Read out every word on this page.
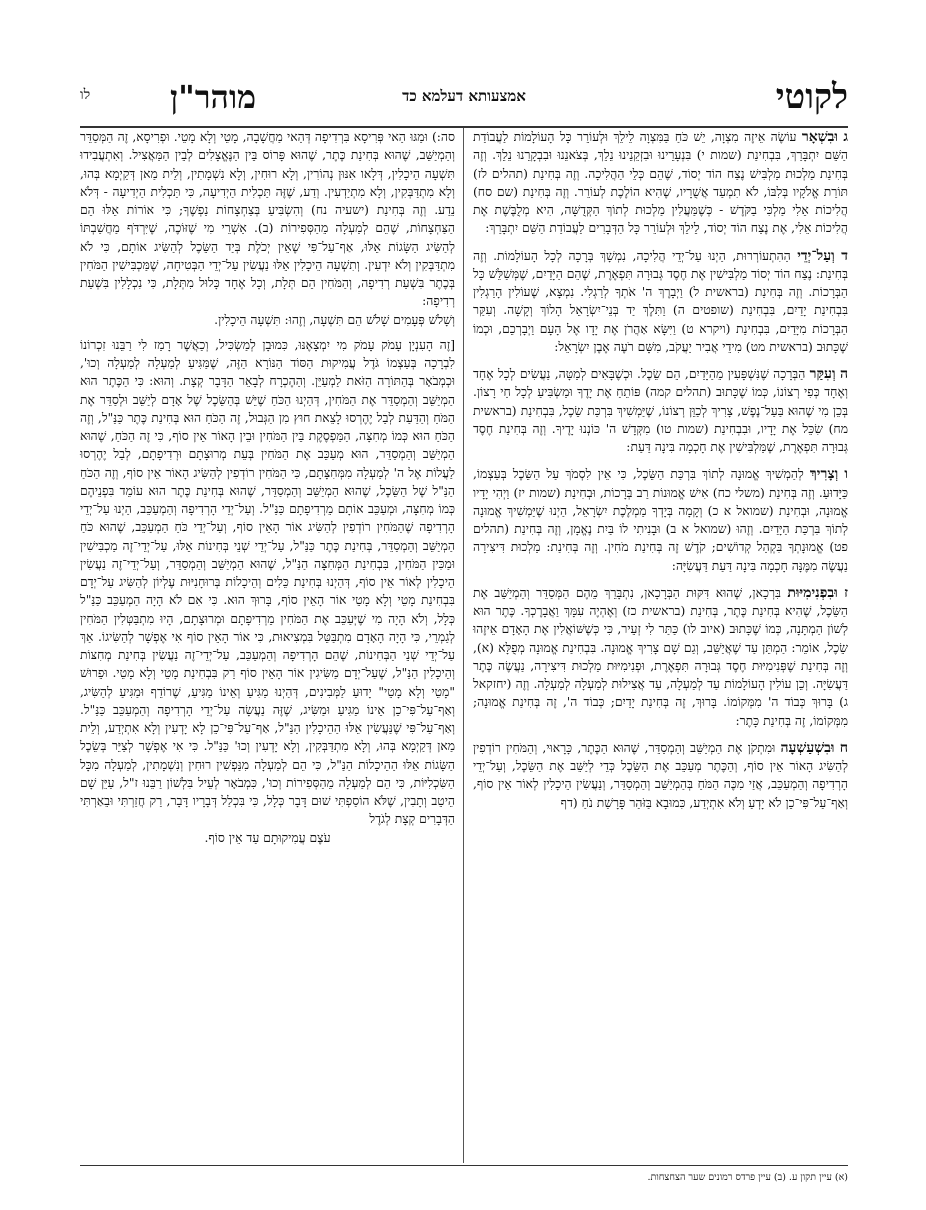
לקוטי
אמצעותא דעלמא כד
מוהר"ן
לו

ג וּבִשְׁאָר עוֹשֶׂה אֵיזֶה מִצְוָה, יֵשׁ כֹּחַ בַּמִּצְוָה לֵילֵךְ וּלְעוֹרֵר כָּל הָעוֹלָמוֹת לַעֲבוֹדַת הַשֵּׁם יִתְבָּרַךְ, בִּבְחִינַת (שמות י) בִּנְעָרֵינוּ וּבִזְקֵנֵינוּ נֵלֵךְ, בְּצֹאנֵנוּ וּבִבְקָרֵנוּ נֵלֵךְ. וְזֶה בְּחִינַת מַלְכוּת מַלְבִּישׁ נֶצַח הוֹד יְסוֹד, שֶׁהֵם כְּלֵי הַהֲלִיכָה. וְזֶה בְּחִינַת (תהלים לז) תּוֹרַת אֱלֹקָיו בְּלִבּוֹ, לֹא תִמְעַד אֲשֻׁרָיו, שֶׁהִיא הוֹלֶכֶת לְעוֹרֵר. וְזֶה בְּחִינַת (שם סח) הֲלִיכוֹת אֵלִי מַלְכִּי בַקֹּדֶשׁ - כְּשֶׁמַּעֲלִין מַלְכוּת לְתוֹךְ הַקְּדֻשָּׁה, הִיא מְלֻבֶּשֶׁת אֶת הֲלִיכוֹת אֵלִי, אֶת נֶצַח הוֹד יְסוֹד, לֵילֵךְ וּלְעוֹרֵר כָּל הַדְּבָרִים לַעֲבוֹדַת הַשֵּׁם יִתְבָּרַךְ:

ד וְעַל־יְדֵי הַהִתְעוֹרְרוּת, הַיְנוּ עַל־יְדֵי הֲלִיכָה, נִמְשָׁךְ בְּרָכָה לְכָל הָעוֹלָמוֹת. וְזֶה בְּחִינַת: נֶצַח הוֹד יְסוֹד מַלְבִּישִׁין אֶת חֶסֶד גְּבוּרָה תִּפְאֶרֶת, שֶׁהֵם הַיָּדַיִם, שֶׁמְּשַׁלֵּשׁ כָּל הַבְּרָכוֹת. וְזֶה בְּחִינַת (בראשית ל) וַיְבָרֶךְ ה' אֹתְךָ לְרַגְלִי. נִמְצָא, שֶׁעוֹלִין הָרַגְלִין בִּבְחִינַת יָדַיִם, בִּבְחִינַת (שופטים ה) וַתִּלֶךְ יַד בְּנֵי־יִשְׂרָאֵל הָלוֹךְ וְקָשָׁה. וְעִקַּר הַבְּרָכוֹת מִיָּדַיִם, בִּבְחִינַת (ויקרא ט) וַיִּשָּׂא אַהֲרֹן אֶת יָדָו אֶל הָעָם וַיְבָרְכֵם, וּכְמוֹ שֶׁכָּתוּב (בראשית מט) מִידֵי אֲבִיר יַעֲקֹב, מִשָּׁם רֹעֶה אֶבֶן יִשְׂרָאֵל:

ה וְעִקַּר הַבְּרָכָה שֶׁנִּשְׁפָּעִין מֵהַיָּדַיִם, הֵם שֵׂכֶל. וּכְשֶׁבָּאִים לְמַטָּה, נַעֲשִׂים לְכָל אֶחָד וְאֶחָד כְּפִי רְצוֹנוֹ, כְּמוֹ שֶׁכָּתוּב (תהלים קמה) פּוֹתֵחַ אֶת יָדֶךָ וּמַשְׂבִּיעַ לְכָל חַי רָצוֹן. בְּכֵן מִי שֶׁהוּא בַּעַל־נֶפֶשׁ, צָרִיךְ לְכַוֵּן רְצוֹנוֹ, שֶׁיַּמְשִׁיךְ בִּרְכַּת שֵׂכֶל, בִּבְחִינַת (בראשית מח) שִׂכֵּל אֶת יָדָיו, וּבִבְחִינַת (שמות טו) מִקְּדָשׁ ה' כּוֹנְנוּ יָדֶיךָ. וְזֶה בְּחִינַת חֶסֶד גְּבוּרָה תִּפְאֶרֶת, שֶׁמַּלְבִּישִׁין אֶת חָכְמָה בִּינָה דַּעַת:

ו וְצָרִיךְ לְהַמְשִׁיךְ אֱמוּנָה לְתוֹךְ בִּרְכַּת הַשֵּׂכֶל, כִּי אֵין לִסְמֹךְ עַל הַשֵּׂכֶל בְּעַצְמוֹ, כַּיָּדוּעַ. וְזֶה בְּחִינַת (משלי כח) אִישׁ אֱמוּנוֹת רַב בְּרָכוֹת, וּבְחִינַת (שמות יז) וַיְהִי יָדָיו אֱמוּנָה, וּבְחִינַת (שמואל א כ) וְקָמָה בְּיָדְךָ מַמְלֶכֶת יִשְׂרָאֵל, הַיְנוּ שֶׁיַּמְשִׁיךְ אֱמוּנָה לְתוֹךְ בִּרְכַּת הַיָּדַיִם. וְזֶהוּ (שמואל א ב) וּבָנִיתִי לוֹ בַּיִת נֶאֱמָן, וְזֶה בְּחִינַת (תהלים פט) אֱמוּנָתְךָ בִּקְהַל קְדוֹשִׁים; קֹדֶשׁ זֶה בְּחִינַת מֹחִין. וְזֶה בְּחִינַת: מַלְכוּת דִּיצִירָה נַעֲשֶׂה מִמֶּנָּה חָכְמָה בִּינָה דַּעַת דַּעֲשִׂיָּה:

ז וּבִפְנִימִיּוּת בִּרְכָאן, שֶׁהוּא דִּקּוּת הַבְּרָכָאן, נִתְבָּרֵךְ מֵהֶם הַמְּסַדֵּר וְהַמְיַשֵּׁב אֶת הַשֵּׂכֶל, שֶׁהִיא בְּחִינַת כֶּתֶר, בְּחִינַת (בראשית כז) וְאֶהְיֶה עִמָּךְ וַאֲבָרֶכְךָ. כֶּתֶר הוּא לְשׁוֹן הַמְתָּנָה, כְּמוֹ שֶׁכָּתוּב (איוב לו) כַּתַּר לִי זְעֵיר, כִּי כְּשֶׁשּׁוֹאֲלִין אֶת הָאָדָם אֵיזֶהוּ שֵׂכֶל, אוֹמֵר: הַמְתֵּן עַד שֶׁאֲיַשֵּׁב, וְגַם שָׁם צָרִיךְ אֱמוּנָה. בִּבְחִינַת אֱמוּנָה מְפֻלָּא (א), וְזֶה בְּחִינַת שֶׁפְּנִימִיּוּת חֶסֶד גְּבוּרָה תִּפְאֶרֶת, וּפְנִימִיּוּת מַלְכוּת דִּיצִירָה, נַעֲשֶׂה כֶּתֶר דַּעֲשִׂיָּה. וְכֵן עוֹלִין הָעוֹלָמוֹת עַד לְמַעְלָה, עַד אֲצִילוּת לְמַעְלָה לְמַעְלָה. וְזֶה (יחזקאל ג) בָּרוּךְ כְּבוֹד ה' מִמְּקוֹמוֹ. בָּרוּךְ, זֶה בְּחִינַת יָדַיִם; כְּבוֹד ה', זֶה בְּחִינַת אֱמוּנָה; מִמְּקוֹמוֹ, זֶה בְּחִינַת כָּתֶר:

ח וּבִשְׁעַשְׁעָה וּמִתְקֹן אֶת הַמְיַשֵּׁב וְהַמְסַדֵּר, שֶׁהוּא הַכֶּתֶר, כָּרָאוּי, וְהַמֹּחִין רוֹדְפִין לְהַשִּׂיג הָאוֹר אֵין סוֹף, וְהַכֶּתֶר מְעַכֵּב אֶת הַשֵּׂכֶל כְּדֵי לְיַשֵּׁב אֶת הַשֵּׂכֶל, וְעַל־יְדֵי הָרְדִיפָה וְהַמְעַכֵּב, אֲזַי מִכֶּה הַמֹּחַ בְּהַמְיַשֵּׁב וְהַמְסַדֵּר, וְנַעֲשִׂין הֵיכָלִין לְאוֹר אֵין סוֹף, וְאַף־עַל־פִּי־כֵן לֹא יָדְעַ וְלֹא אִתְיְדַע, כִּמוּבָא בַּזֹּהַר פָּרָשַׁת נֹחַ (דף

סה:) וּמַגּוּ הַאי פְּרִיסָא בִּרְדִיפָה דְּהַאי מַחֲשָׁבָה, מָטֵי וְלָא מָטֵי. וּפְרִיסָא, זֶה הַמְּסַדֵּר וְהַמְיַשֵּׁב, שֶׁהוּא בְּחִינַת כֶּתֶר, שֶׁהוּא פָּרוֹס בֵּין הַנֶּאֱצָלִים לְבֵין הַמַּאֲצִיל. וְאִתְעֲבִידוּ תִּשְׁעָה הֵיכָלִין, דְּלָאו אִנּוּן נְהוֹרִין, וְלָא רוּחִין, וְלָא נִשְׁמָתִין, וְלֵית מַאן דְּקַיְמָא בְּהוּ, וְלָא מִתְדַּבְּקִין, וְלָא מִתְיַדְעִין. וְדַע, שֶׁזֶּה תַּכְלִית הַיְדִיעָה, כִּי תַּכְלִית הַיְדִיעָה - דְּלֹא נֵדַע. וְזֶה בְּחִינַת (ישעיה נח) וְהִשְׂבִּיעַ בְּצַחְצָחוֹת נַפְשֶׁךָ; כִּי אוֹרוֹת אֵלּוּ הֵם הַצַּחְצָחוֹת, שֶׁהֵם לְמַעְלָה מֵהַסְּפִירוֹת (ב). אַשְׁרֵי מִי שֶׁזּוֹכֶה, שֶׁיִּרְדֹּף מַחֲשַׁבְתּוֹ לְהַשִּׂיג הַשָּׂגוֹת אֵלּוּ, אַף־עַל־פִּי שֶׁאֵין יְכֹלֶת בְּיַד הַשֵּׂכֶל לְהַשִּׂיג אוֹתָם, כִּי לֹא מִתְדַּבְּקִין וְלֹא יִדְעִין. וְתִשְׁעָה הֵיכָלִין אֵלּוּ נַעֲשִׂין עַל־יְדֵי הַבְּטִיחָה, שֶׁמַּכְבִּישִׁין הַמֹּחִין בְּכֶתֶר בִּשְׁעַת רְדִיפָה, וְהַמֹּחִין הֵם תְּלָת, וְכָל אֶחָד כָּלוּל מִתְּלָת, כִּי נִכְלָלִין בִּשְׁעַת רְדִיפָה:

וְשָׁלֹשׁ פְּעָמִים שָׁלֹשׁ הֵם תִּשְׁעָה, וְזֶהוּ: תִּשְׁעָה הֵיכָלִין.

[זֶה הָעִנְיָן עָמֹק עָמֹק מִי יִמְצָאֶנּוּ, כִּמוּבָן לְמַשְׂכִּיל, וְכַאֲשֶׁר רָמַז לִי רַבֵּנוּ זִכְרוֹנוֹ לִבְרָכָה בְּעַצְמוֹ גֹּדֶל עֲמִיקוּת הַסּוֹד הַנּוֹרָא הַזֶּה, שֶׁמַּגִּיעַ לְמַעְלָה לְמַעְלָה וְכוּ', וּכְמְבֹאָר בְּהַתּוֹרָה הַזֹּאת לַמְעַיֵּן. וְהַהֶכְרָח לְבָאֵר הַדָּבָר קְצָת. וְהוּא: כִּי הַכֶּתֶר הוּא הַמְיַשֵּׁב וְהַמְסַדֵּר אֶת הַמֹּחִין, דְּהַיְנוּ הַכֹּחַ שֶׁיֵּשׁ בְּהַשֵּׂכֶל שֶׁל אָדָם לְיַשֵּׁב וּלְסַדֵּר אֶת הַמֹּחַ וְהַדַּעַת לְבַל יֶהֶרְסוּ לָצֵאת חוּץ מִן הַגְּבוּל, זֶה הַכֹּחַ הוּא בְּחִינַת כֶּתֶר כַּנַּ"ל, וְזֶה הַכֹּחַ הוּא כְּמוֹ מְחִצָּה, הַמַּפְסֶקֶת בֵּין הַמֹּחִין וּבֵין הָאוֹר אֵין סוֹף, כִּי זֶה הַכֹּחַ, שֶׁהוּא הַמְיַשֵּׁב וְהַמְסַדֵּר, הוּא מְעַכֵּב אֶת הַמֹּחִין בְּעֵת מְרוּצָתָם וּרְדִיפָתָם, לְבַל יֶהֶרְסוּ לַעֲלוֹת אֶל ה' לְמַעְלָה מִמְּחִצָּתָם, כִּי הַמֹּחִין רוֹדְפִין לְהַשִּׂיג הָאוֹר אֵין סוֹף, וְזֶה הַכֹּחַ הַנַּ"ל שֶׁל הַשֵּׂכֶל, שֶׁהוּא הַמְיַשֵּׁב וְהַמְסַדֵּר, שֶׁהוּא בְּחִינַת כֶּתֶר הוּא עוֹמֵד בִּפְנֵיהֶם כְּמוֹ מְחִצָּה, וּמְעַכֵּב אוֹתָם מֵרְדִיפָתָם כַּנַּ"ל. וְעַל־יְדֵי הָרְדִיפָה וְהַמְעַכֵּב, הַיְנוּ עַל־יְדֵי הָרְדִיפָה שֶׁהַמֹּחִין רוֹדְפִין לְהַשִּׂיג אוֹר הָאֵין סוֹף, וְעַל־יְדֵי כֹּחַ הַמְעַכֵּב, שֶׁהוּא כֹּחַ הַמְיַשֵּׁב וְהַמְסַדֵּר, בְּחִינַת כֶּתֶר כַּנַּ"ל, עַל־יְדֵי שְׁנֵי בְּחִינוֹת אֵלּוּ, עַל־יְדֵי־זֶה מַכְבִּישִׁין וּמַכִּין הַמֹּחִין, בִּבְחִינַת הַמְּחִצָּה הַנַּ"ל, שֶׁהוּא הַמְיַשֵּׁב וְהַמְסַדֵּר, וְעַל־יְדֵי־זֶה נַעֲשִׂין הֵיכָלִין לְאוֹר אֵין סוֹף, דְּהַיְנוּ בְּחִינַת כֵּלִים וְהֵיכָלוֹת בְּרוּחָנִיּוּת עֶלְיוֹן לְהַשִּׂיג עַל־יְדָם בִּבְחִינַת מָטֵי וְלָא מָטֵי אוֹר הָאֵין סוֹף, בָּרוּךְ הוּא. כִּי אִם לֹא הָיָה הַמְעַכֵּב כַּנַּ"ל כְּלָל, וְלֹא הָיָה מִי שֶׁיְּעַכֵּב אֶת הַמֹּחִין מֵרְדִיפָתָם וּמְרוּצָתָם, הָיוּ מִתְבַּטְּלִין הַמֹּחִין לְגַמְרֵי, כִּי הָיָה הָאָדָם מִתְבַּטֵּל בִּמְצִיאוּת, כִּי אוֹר הָאֵין סוֹף אִי אֶפְשָׁר לְהַשִּׂיגוֹ. אַךְ עַל־יְדֵי שְׁנֵי הַבְּחִינוֹת, שֶׁהֵם הָרְדִיפָה וְהַמְעַכֵּב, עַל־יְדֵי־זֶה נַעֲשִׂין בְּחִינַת מְחִצּוֹת וְהֵיכָלִין הַנַּ"ל, שֶׁעַל־יְדָם מַשִּׂיגִין אוֹר הָאֵין סוֹף רַק בִּבְחִינַת מָטֵי וְלָא מָטֵי. וּפֵרוּשׁ "מָטֵי וְלָא מָטֵי" יָדוּעַ לַמְּבִינִים, דְּהַיְנוּ מַגִּיעַ וְאֵינוֹ מַגִּיעַ, שֶׁרוֹדֵף וּמַגִּיעַ לְהַשִּׂיג, וְאַף־עַל־פִּי־כֵן אֵינוֹ מַגִּיעַ וּמַשִּׂיג, שֶׁזֶּה נַעֲשָׂה עַל־יְדֵי הָרְדִיפָה וְהַמְעַכֵּב כַּנַּ"ל. וְאַף־עַל־פִּי שֶׁנַּעֲשִׂין אֵלּוּ הַהֵיכָלִין הַנַּ"ל, אַף־עַל־פִּי־כֵן לָא יָדְעִין וְלָא אִתְיְדַע, וְלֵית מַאן דְּקַיְמָא בְּהוּ, וְלָא מִתְדַּבְּקִין, וְלָא יָדְעִין וְכוּ' כַּנַּ"ל. כִּי אִי אֶפְשָׁר לְצַיֵּר בְּשֵׂכֶל הַשָּׂגוֹת אֵלּוּ הַהֵיכָלוֹת הַנַּ"ל, כִּי הֵם לְמַעְלָה מִנַּפְשִׁין רוּחִין וְנִשְׁמָתִין, לְמַעְלָה מִכָּל הַשִּׂכְלִיּוֹת, כִּי הֵם לְמַעְלָה מֵהַסְּפִירוֹת וְכוּ', כִּמְבֹאָר לְעֵיל בִּלְשׁוֹן רַבֵּנוּ ז"ל, עַיֵּן שָׁם הֵיטֵב וְתָבִין, שֶׁלֹּא הוֹסַפְתִּי שׁוּם דָּבָר כְּלָל, כִּי בִּכְלַל דְּבָרָיו דָּבָר, רַק חֲזַרְתִּי וּבֵאַרְתִּי הַדְּבָרִים קְצָת לְגֹדֶל

עֹצֶם עֲמִיקוּתָם עַד אֵין סוֹף.

(א) עיין תקון ע. (ב) עיין פרדס רמונים שער הצחצחות.
